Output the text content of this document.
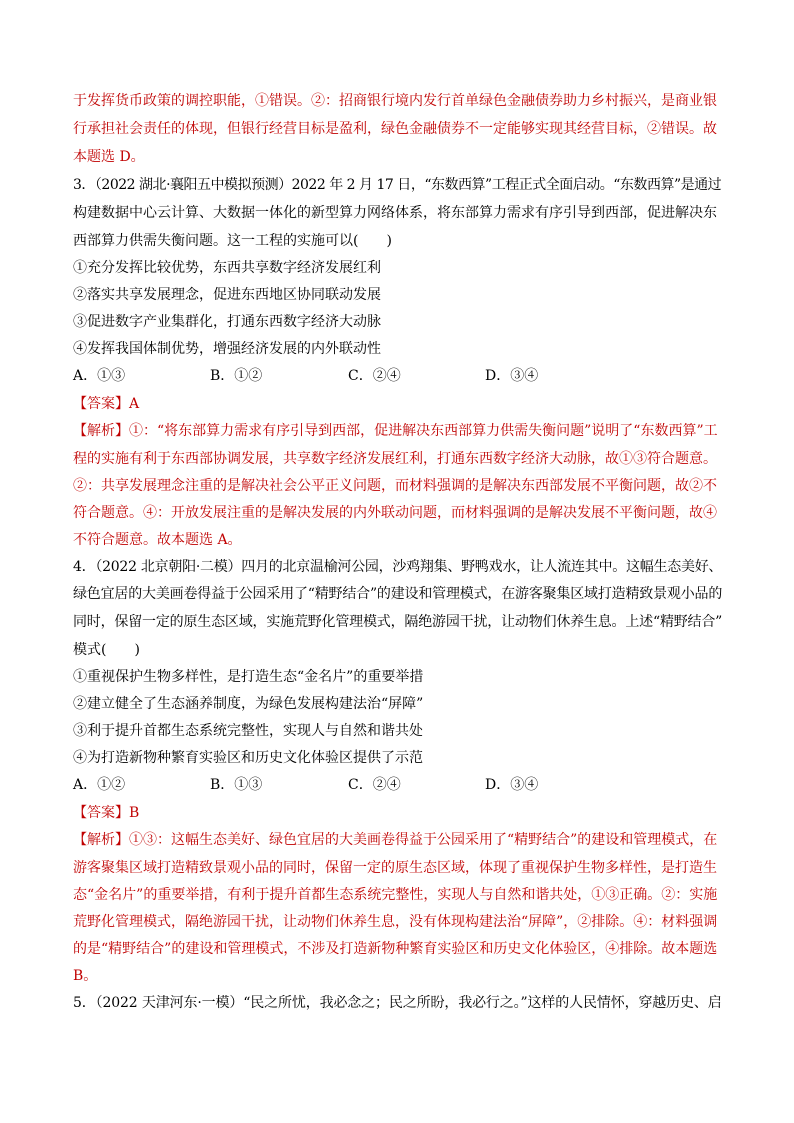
于发挥货币政策的调控职能，①错误。②：招商银行境内发行首单绿色金融债券助力乡村振兴，是商业银
行承担社会责任的体现，但银行经营目标是盈利，绿色金融债券不一定能够实现其经营目标，②错误。故
本题选 D。
3．（2022 湖北·襄阳五中模拟预测）2022 年 2 月 17 日，“东数西算”工程正式全面启动。“东数西算”是通过
构建数据中心云计算、大数据一体化的新型算力网络体系，将东部算力需求有序引导到西部，促进解决东
西部算力供需失衡问题。这一工程的实施可以(　　)
①充分发挥比较优势，东西共享数字经济发展红利
②落实共享发展理念，促进东西地区协同联动发展
③促进数字产业集群化，打通东西数字经济大动脉
④发挥我国体制优势，增强经济发展的内外联动性
A．①③	B．①②	C．②④	D．③④
【答案】A
【解析】①：“将东部算力需求有序引导到西部，促进解决东西部算力供需失衡问题”说明了“东数西算”工
程的实施有利于东西部协调发展，共享数字经济发展红利，打通东西数字经济大动脉，故①③符合题意。
②：共享发展理念注重的是解决社会公平正义问题，而材料强调的是解决东西部发展不平衡问题，故②不
符合题意。④：开放发展注重的是解决发展的内外联动问题，而材料强调的是解决发展不平衡问题，故④
不符合题意。故本题选 A。
4．（2022 北京朝阳·二模）四月的北京温榆河公园，沙鸡翔集、野鸭戏水，让人流连其中。这幅生态美好、
绿色宜居的大美画卷得益于公园采用了“精野结合”的建设和管理模式，在游客聚集区域打造精致景观小品的
同时，保留一定的原生态区域，实施荒野化管理模式，隔绝游园干扰，让动物们休养生息。上述“精野结合”
模式(　　)
①重视保护生物多样性，是打造生态“金名片”的重要举措
②建立健全了生态涵养制度，为绿色发展构建法治“屏障”
③利于提升首都生态系统完整性，实现人与自然和谐共处
④为打造新物种繁育实验区和历史文化体验区提供了示范
A．①②	B．①③	C．②④	D．③④
【答案】B
【解析】①③：这幅生态美好、绿色宜居的大美画卷得益于公园采用了“精野结合”的建设和管理模式，在
游客聚集区域打造精致景观小品的同时，保留一定的原生态区域，体现了重视保护生物多样性，是打造生
态“金名片”的重要举措，有利于提升首都生态系统完整性，实现人与自然和谐共处，①③正确。②：实施
荒野化管理模式，隔绝游园干扰，让动物们休养生息，没有体现构建法治“屏障”，②排除。④：材料强调
的是“精野结合”的建设和管理模式，不涉及打造新物种繁育实验区和历史文化体验区，④排除。故本题选
B。
5．（2022 天津河东·一模）“民之所忧，我必念之；民之所盼，我必行之。”这样的人民情怀，穿越历史、启
